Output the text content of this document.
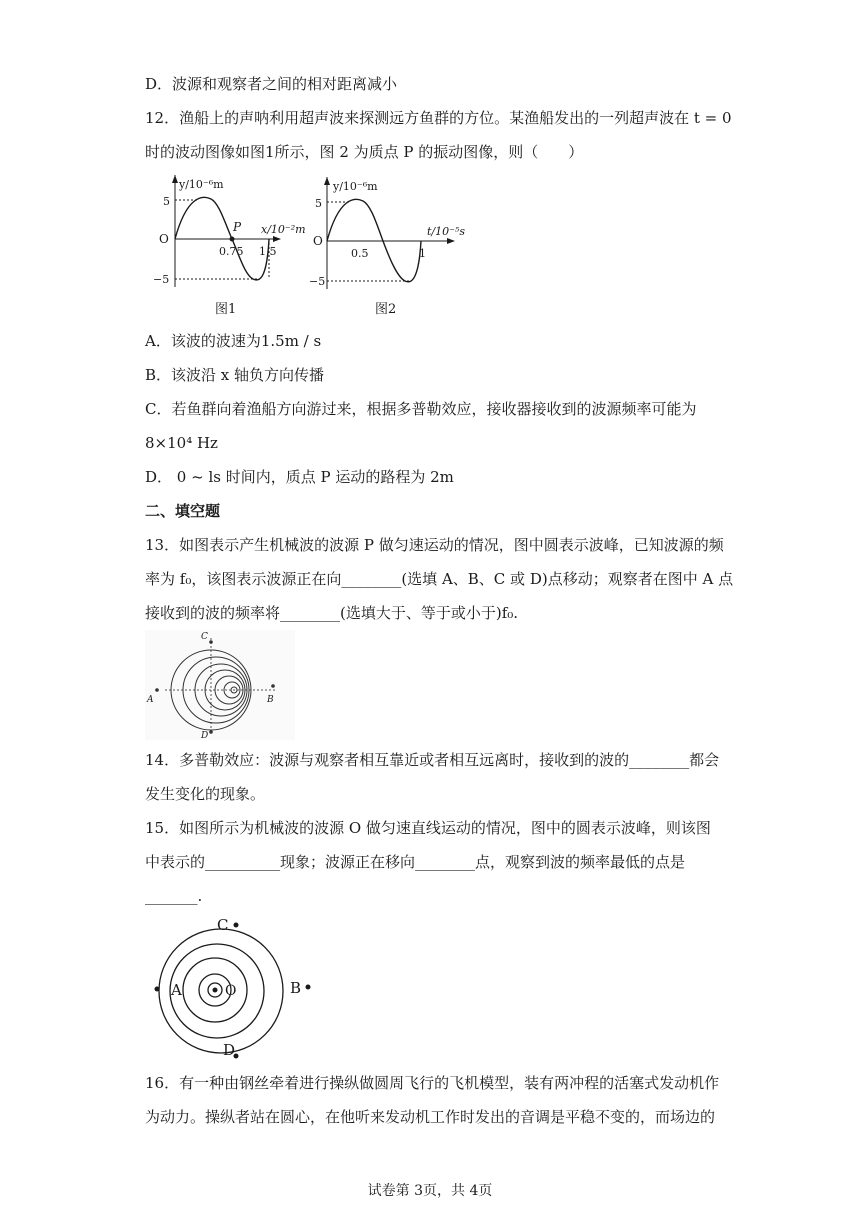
D．波源和观察者之间的相对距离减小
12．渔船上的声呐利用超声波来探测远方鱼群的方位。某渔船发出的一列超声波在 t = 0
时的波动图像如图1所示，图 2 为质点 P 的振动图像，则（　　）
y/10⁻⁶m
x/10⁻²m
O
5
−5
0.75 1.5
P
图1
y/10⁻⁶m
t/10⁻⁵s
O
5
−5
0.5	1
图2
A．该波的波速为1.5m / s
B．该波沿 x 轴负方向传播
C．若鱼群向着渔船方向游过来，根据多普勒效应，接收器接收到的波源频率可能为
8×10⁴ Hz
D． 0 ~ ls 时间内，质点 P 运动的路程为 2m
二、填空题
13．如图表示产生机械波的波源 P 做匀速运动的情况，图中圆表示波峰，已知波源的频
率为 f₀，该图表示波源正在向________(选填 A、B、C 或 D)点移动；观察者在图中 A 点
接收到的波的频率将________(选填大于、等于或小于)f₀.
A	B
C
D
14．多普勒效应：波源与观察者相互靠近或者相互远离时，接收到的波的________都会
发生变化的现象。
15．如图所示为机械波的波源 O 做匀速直线运动的情况，图中的圆表示波峰，则该图
中表示的__________现象；波源正在移向________点，观察到波的频率最低的点是
_______.
O
A	B
C
D
16．有一种由钢丝牵着进行操纵做圆周飞行的飞机模型，装有两冲程的活塞式发动机作
为动力。操纵者站在圆心，在他听来发动机工作时发出的音调是平稳不变的，而场边的
试卷第 3页，共 4页
